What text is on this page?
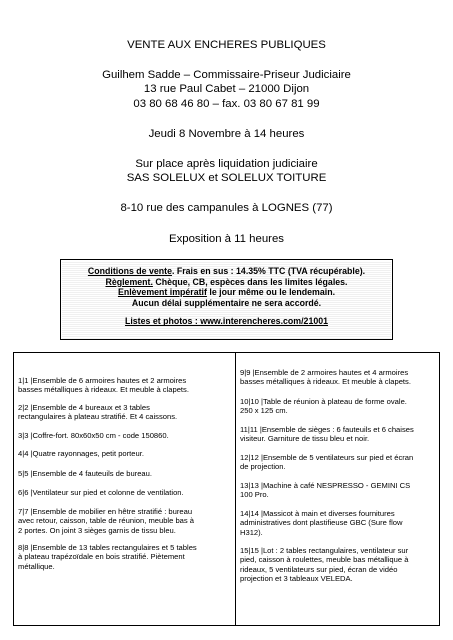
VENTE AUX ENCHERES PUBLIQUES
Guilhem Sadde – Commissaire-Priseur Judiciaire
13 rue Paul Cabet – 21000 Dijon
03 80 68 46 80 – fax. 03 80 67 81 99
Jeudi 8 Novembre à 14 heures
Sur place après liquidation judiciaire
SAS SOLELUX et SOLELUX TOITURE
8-10 rue des campanules à LOGNES (77)
Exposition à 11 heures
Conditions de vente. Frais en sus : 14.35% TTC (TVA récupérable).
Règlement. Chèque, CB, espèces dans les limites légales.
Enlèvement impératif le jour même ou le lendemain.
Aucun délai supplémentaire ne sera accordé.
Listes et photos : www.interencheres.com/21001
1|1 |Ensemble de 6 armoires hautes et 2 armoires
basses métalliques à rideaux. Et meuble à clapets.
2|2 |Ensemble de 4 bureaux et 3 tables
rectangulaires à plateau stratifié. Et 4 caissons.
3|3 |Coffre-fort. 80x60x50 cm - code 150860.
4|4 |Quatre rayonnages, petit porteur.
5|5 |Ensemble de 4 fauteuils de bureau.
6|6 |Ventilateur sur pied et colonne de ventilation.
7|7 |Ensemble de mobilier en hêtre stratifié : bureau
avec retour, caisson, table de réunion, meuble bas à
2 portes. On joint 3 sièges garnis de tissu bleu.
8|8 |Ensemble de 13 tables rectangulaires et 5 tables
à plateau trapézoïdale en bois stratifié. Piètement
métallique.
9|9 |Ensemble de 2 armoires hautes et 4 armoires
basses métalliques à rideaux. Et meuble à clapets.
10|10 |Table de réunion à plateau de forme ovale.
250 x 125 cm.
11|11 |Ensemble de sièges : 6 fauteuils et 6 chaises
visiteur. Garniture de tissu bleu et noir.
12|12 |Ensemble de 5 ventilateurs sur pied et écran
de projection.
13|13 |Machine à café NESPRESSO - GEMINI CS
100 Pro.
14|14 |Massicot à main et diverses fournitures
administratives dont plastifieuse GBC (Sure flow
H312).
15|15 |Lot : 2 tables rectangulaires, ventilateur sur
pied, caisson à roulettes, meuble bas métallique à
rideaux, 5 ventilateurs sur pied, écran de vidéo
projection et 3 tableaux VELEDA.
